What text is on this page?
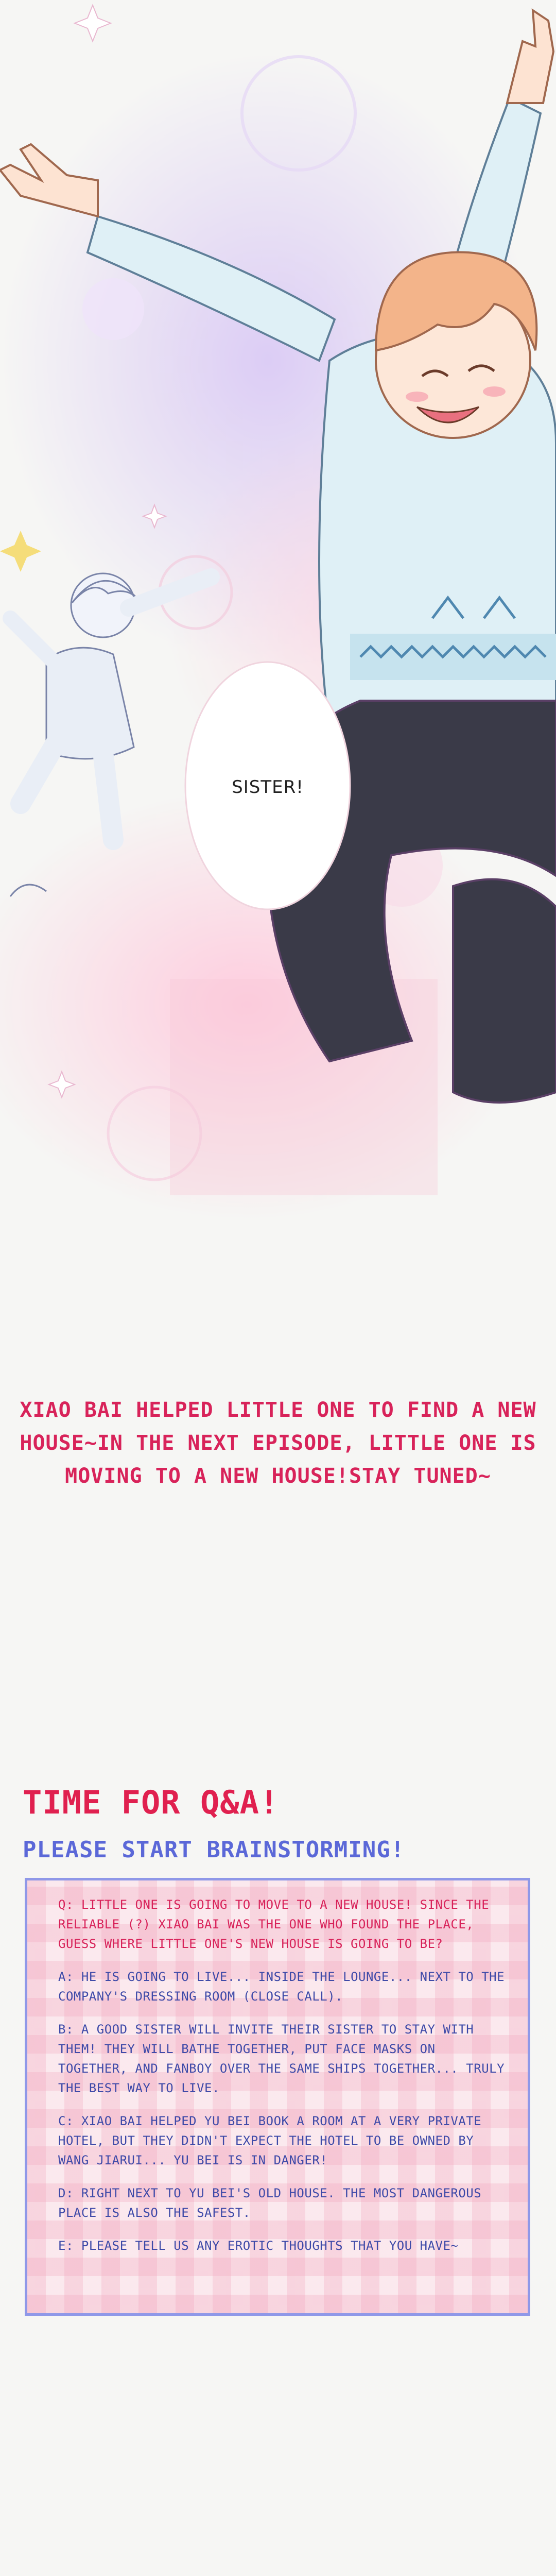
SISTER!
XIAO BAI HELPED LITTLE ONE TO FIND A NEW
HOUSE~IN THE NEXT EPISODE, LITTLE ONE IS
MOVING TO A NEW HOUSE!STAY TUNED~
TIME FOR Q&A!
PLEASE START BRAINSTORMING!

Q: LITTLE ONE IS GOING TO MOVE TO A NEW HOUSE! SINCE THE RELIABLE (?) XIAO BAI WAS THE ONE WHO FOUND THE PLACE, GUESS WHERE LITTLE ONE'S NEW HOUSE IS GOING TO BE?

A: HE IS GOING TO LIVE... INSIDE THE LOUNGE... NEXT TO THE COMPANY'S DRESSING ROOM (CLOSE CALL).

B: A GOOD SISTER WILL INVITE THEIR SISTER TO STAY WITH THEM! THEY WILL BATHE TOGETHER, PUT FACE MASKS ON TOGETHER, AND FANBOY OVER THE SAME SHIPS TOGETHER... TRULY THE BEST WAY TO LIVE.

C: XIAO BAI HELPED YU BEI BOOK A ROOM AT A VERY PRIVATE HOTEL, BUT THEY DIDN'T EXPECT THE HOTEL TO BE OWNED BY WANG JIARUI... YU BEI IS IN DANGER!

D: RIGHT NEXT TO YU BEI'S OLD HOUSE. THE MOST DANGEROUS PLACE IS ALSO THE SAFEST.

E: PLEASE TELL US ANY EROTIC THOUGHTS THAT YOU HAVE~
